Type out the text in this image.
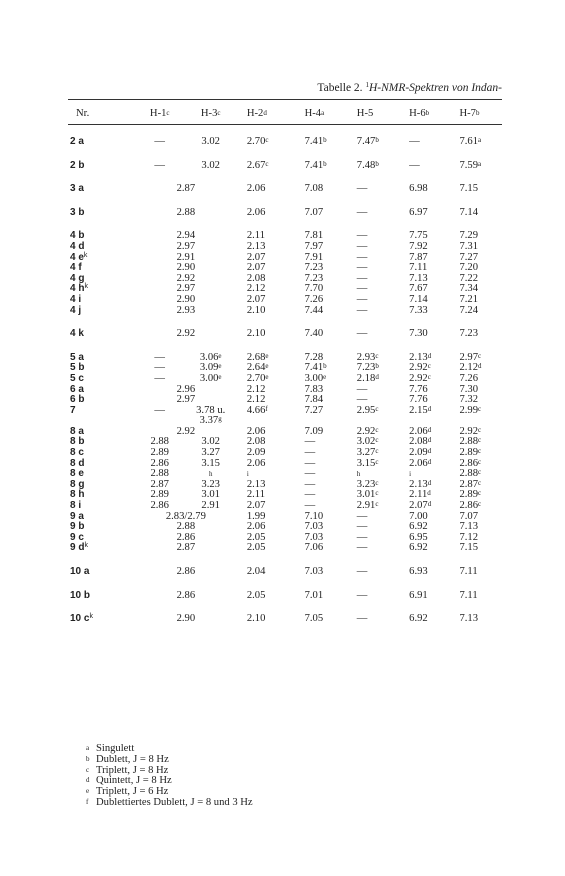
Tabelle 2. $^1$H-NMR-Spektren von Indan-
Nr.	H-1$^c$	H-3$^c$	H-2$^d$	H-4$^a$	H-5	H-6$^b$	H-7$^b$

2 a	—	3.02	2.70$^c$	7.41$^b$	7.47$^b$	—	7.61$^a$

2 b	—	3.02	2.67$^c$	7.41$^b$	7.48$^b$	—	7.59$^a$

3 a	2.87		2.06	7.08	—	6.98	7.15

3 b	2.88		2.06	7.07	—	6.97	7.14

4 b	2.94		2.11	7.81	—	7.75	7.29
4 d	2.97		2.13	7.97	—	7.92	7.31
4 $e^k$	2.91		2.07	7.91	—	7.87	7.27
4 f	2.90		2.07	7.23	—	7.11	7.20
4 g	2.92		2.08	7.23	—	7.13	7.22
4 $h^k$	2.97		2.12	7.70	—	7.67	7.34
4 i	2.90		2.07	7.26	—	7.14	7.21
4 j	2.93		2.10	7.44	—	7.33	7.24

4 k	2.92		2.10	7.40	—	7.30	7.23

5 a	—	3.06e	2.68e	7.28	2.93$^c$	2.13$^d$	2.97$^c$
5 b	—	3.09e	2.64e	7.41$^b$	7.23$^b$	2.92$^c$	2.12$^d$
5 c	—	3.00e	2.70e	3.00e	2.18$^d$	2.92$^c$	7.26
6 a	2.96		2.12	7.83	—	7.76	7.30
6 b	2.97		2.12	7.84	—	7.76	7.32
7	—	3.78 u.	4.66$^f$	7.27	2.95$^c$	2.15$^d$	2.99$^c$
		3.37$^g$					
8 a	2.92		2.06	7.09	2.92$^c$	2.06$^d$	2.92$^c$
8 b	2.88	3.02	2.08	—	3.02$^c$	2.08$^d$	2.88$^c$
8 c	2.89	3.27	2.09	—	3.27$^c$	2.09$^d$	2.89$^c$
8 d	2.86	3.15	2.06	—	3.15$^c$	2.06$^d$	2.86$^c$
8 e	2.88	$^h$	$^i$	—	$^h$	$^i$	2.88$^c$
8 g	2.87	3.23	2.13	—	3.23$^c$	2.13$^d$	2.87$^c$
8 h	2.89	3.01	2.11	—	3.01$^c$	2.11$^d$	2.89$^c$
8 i	2.86	2.91	2.07	—	2.91$^c$	2.07$^d$	2.86$^c$
9 a	2.83/2.79		1.99	7.10	—	7.00	7.07
9 b	2.88		2.06	7.03	—	6.92	7.13
9 c	2.86		2.05	7.03	—	6.95	7.12
9 $d^k$	2.87		2.05	7.06	—	6.92	7.15

10 a	2.86		2.04	7.03	—	6.93	7.11

10 b	2.86		2.05	7.01	—	6.91	7.11

10 $c^k$	2.90		2.10	7.05	—	6.92	7.13
a Singulett
b Dublett, J = 8 Hz
c Triplett, J = 8 Hz
d Quintett, J = 8 Hz
e Triplett, J = 6 Hz
f Dublettiertes Dublett, J = 8 und 3 Hz
